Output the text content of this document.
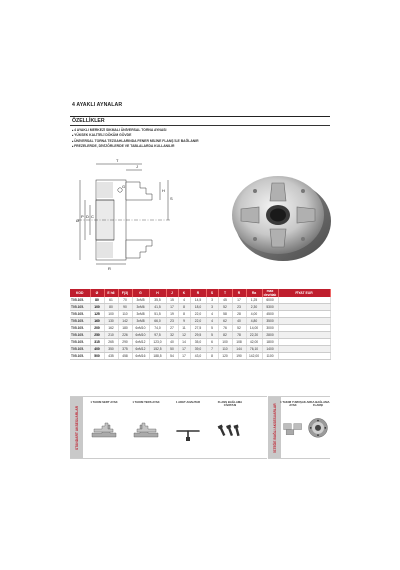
4 AYAKLI AYNALAR
ÖZELLİKLER
■ 4 AYAKLI MERKEZİ SIKMALI ÜNİVERSAL TORNA AYNASI
■ YÜKSEK KALİTELİ DÖKÜM GÖVDE
■ ÜNİVERSAL TORNA TEZGAHLARINDA FENER MİLİNE FLANŞ İLE BAĞLANIR
■ FREZELERDE, DİVİZÖRLERDE VE TABLALARDA KULLANILIR
T
J
H
S
G
Ø
P D C
R
KOD	Ø	E h6	F(3)	G	H	J	K	R	S	T	R	Ra	max dev/dak	FİYAT EUR
T05.105.	80	61	70	3xM5	35,5	15	4	14,5	3	45	17	1,25	6000	
T05.105.	100	80	90	3xM6	41,5	17	8	18,0	3	52	23	2,30	5300	
T05.105.	125	100	110	3xM8	51,5	19	8	22,0	4	58	28	4,00	4500	
T05.105.	160	130	142	3xM8	66,0	23	9	22,0	4	62	40	4,80	3500	
T05.105.	200	162	180	6xM10	74,0	27	11	27,5	5	76	52	14,00	3000	
T05.105.	250	210	226	6xM10	97,5	32	12	29,5	5	82	78	22,20	2800	
T05.105.	315	265	290	6xM12	123,0	40	14	35,0	6	100	108	42,00	1800	
T05.105.	400	350	375	6xM12	152,5	50	17	39,0	7	110	144	76,10	1400	
T05.105.	500	435	458	6xM16	188,5	54	17	43,0	8	120	190	142,00	1100	
STANDART AKSESUARLAR
1 TAKIM SERT AYAK	1 TAKIM TERS AYAK	1 ADET ANAHTAR	FLANŞ BAĞLAMA CIVATASI	İSTEĞE BAĞLI AKSESUARLAR
1 TAKIM YUMUŞAK AYAK
ARKA BAĞLAMA FLANŞI
